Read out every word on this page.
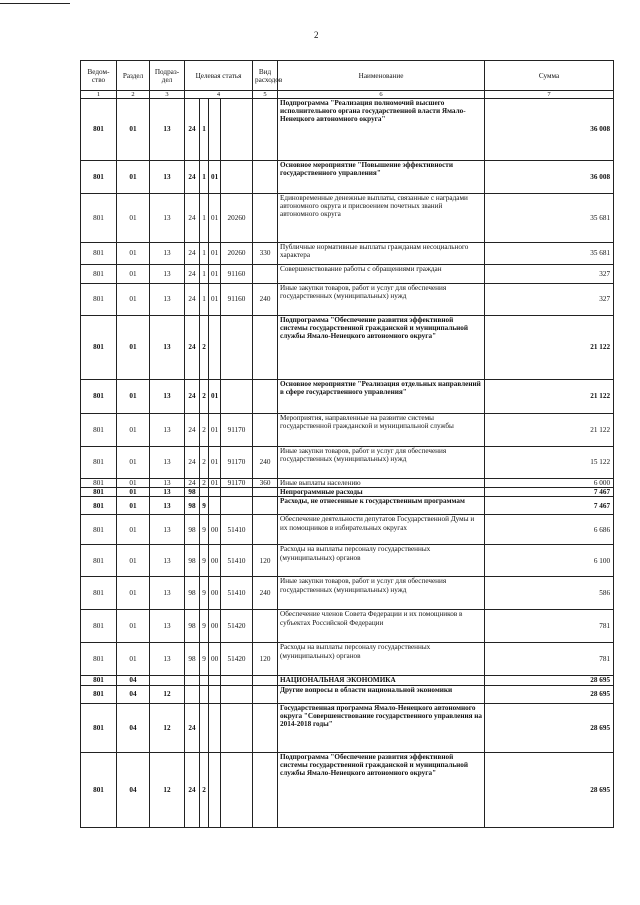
2
Ведом-ство	Раздел	Подраз-дел	Целевая статья				Вид расходов	Наименование	Сумма
1	2	3	4				5	6	7
801	01	13	24	1				Подпрограмма "Реализация полномочий высшего исполнительного органа государственной власти Ямало-Ненецкого автономного округа"	36 008
801	01	13	24	1	01			Основное мероприятие "Повышение эффективности государственного управления"	36 008
801	01	13	24	1	01	20260		Единовременные денежные выплаты, связанные с наградами автономного округа и присвоением почетных званий автономного округа	35 681
801	01	13	24	1	01	20260	330	Публичные нормативные выплаты гражданам несоциального характера	35 681
801	01	13	24	1	01	91160		Совершенствование работы с обращениями граждан	327
801	01	13	24	1	01	91160	240	Иные закупки товаров, работ и услуг для обеспечения государственных (муниципальных) нужд	327
801	01	13	24	2				Подпрограмма "Обеспечение развития эффективной системы государственной гражданской и муниципальной службы Ямало-Ненецкого автономного округа"	21 122
801	01	13	24	2	01			Основное мероприятие "Реализация отдельных направлений в сфере государственного управления"	21 122
801	01	13	24	2	01	91170		Мероприятия, направленные на развитие системы государственной гражданской и муниципальной службы	21 122
801	01	13	24	2	01	91170	240	Иные закупки товаров, работ и услуг для обеспечения государственных (муниципальных) нужд	15 122
801	01	13	24	2	01	91170	360	Иные выплаты населению	6 000
801	01	13	98					Непрограммные расходы	7 467
801	01	13	98	9				Расходы, не отнесенные к государственным программам	7 467
801	01	13	98	9	00	51410		Обеспечение деятельности депутатов Государственной Думы и их помощников в избирательных округах	6 686
801	01	13	98	9	00	51410	120	Расходы на выплаты персоналу государственных (муниципальных) органов	6 100
801	01	13	98	9	00	51410	240	Иные закупки товаров, работ и услуг для обеспечения государственных (муниципальных) нужд	586
801	01	13	98	9	00	51420		Обеспечение членов Совета Федерации и их помощников в субъектах Российской Федерации	781
801	01	13	98	9	00	51420	120	Расходы на выплаты персоналу государственных (муниципальных) органов	781
801	04							НАЦИОНАЛЬНАЯ ЭКОНОМИКА	28 695
801	04	12						Другие вопросы в области национальной экономики	28 695
801	04	12	24					Государственная программа Ямало-Ненецкого автономного округа "Совершенствование государственного управления на 2014-2018 годы"	28 695
801	04	12	24	2				Подпрограмма "Обеспечение развития эффективной системы государственной гражданской и муниципальной службы Ямало-Ненецкого автономного округа"	28 695
